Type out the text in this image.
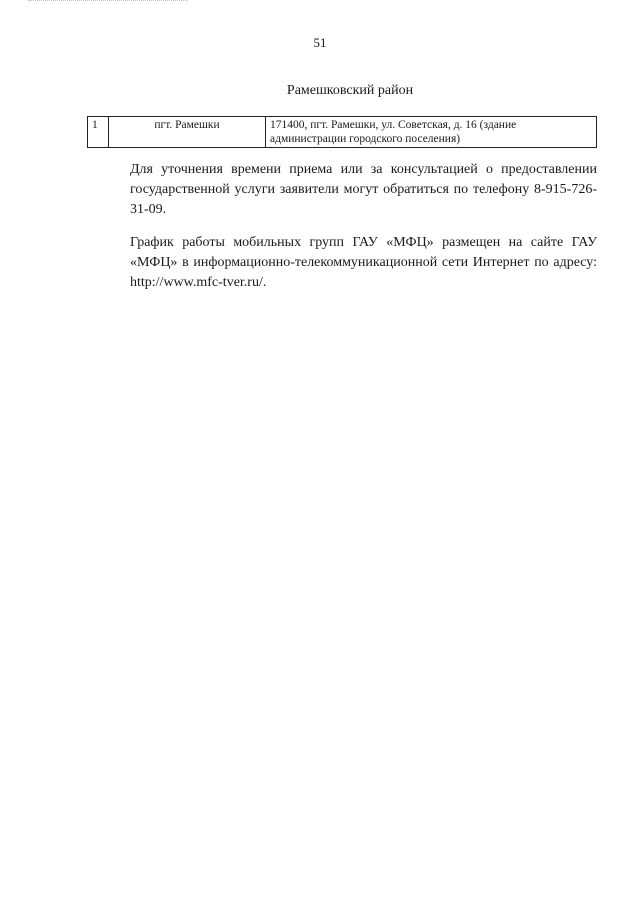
51
Рамешковский район
1	пгт. Рамешки	171400, пгт. Рамешки, ул. Советская, д. 16 (здание администрации городского поселения)
Для уточнения времени приема или за консультацией о предоставлении государственной услуги заявители могут обратиться по телефону 8-915-726-31-09.
График работы мобильных групп ГАУ «МФЦ» размещен на сайте ГАУ «МФЦ» в информационно-телекоммуникационной сети Интернет по адресу: http://www.mfc-tver.ru/.
